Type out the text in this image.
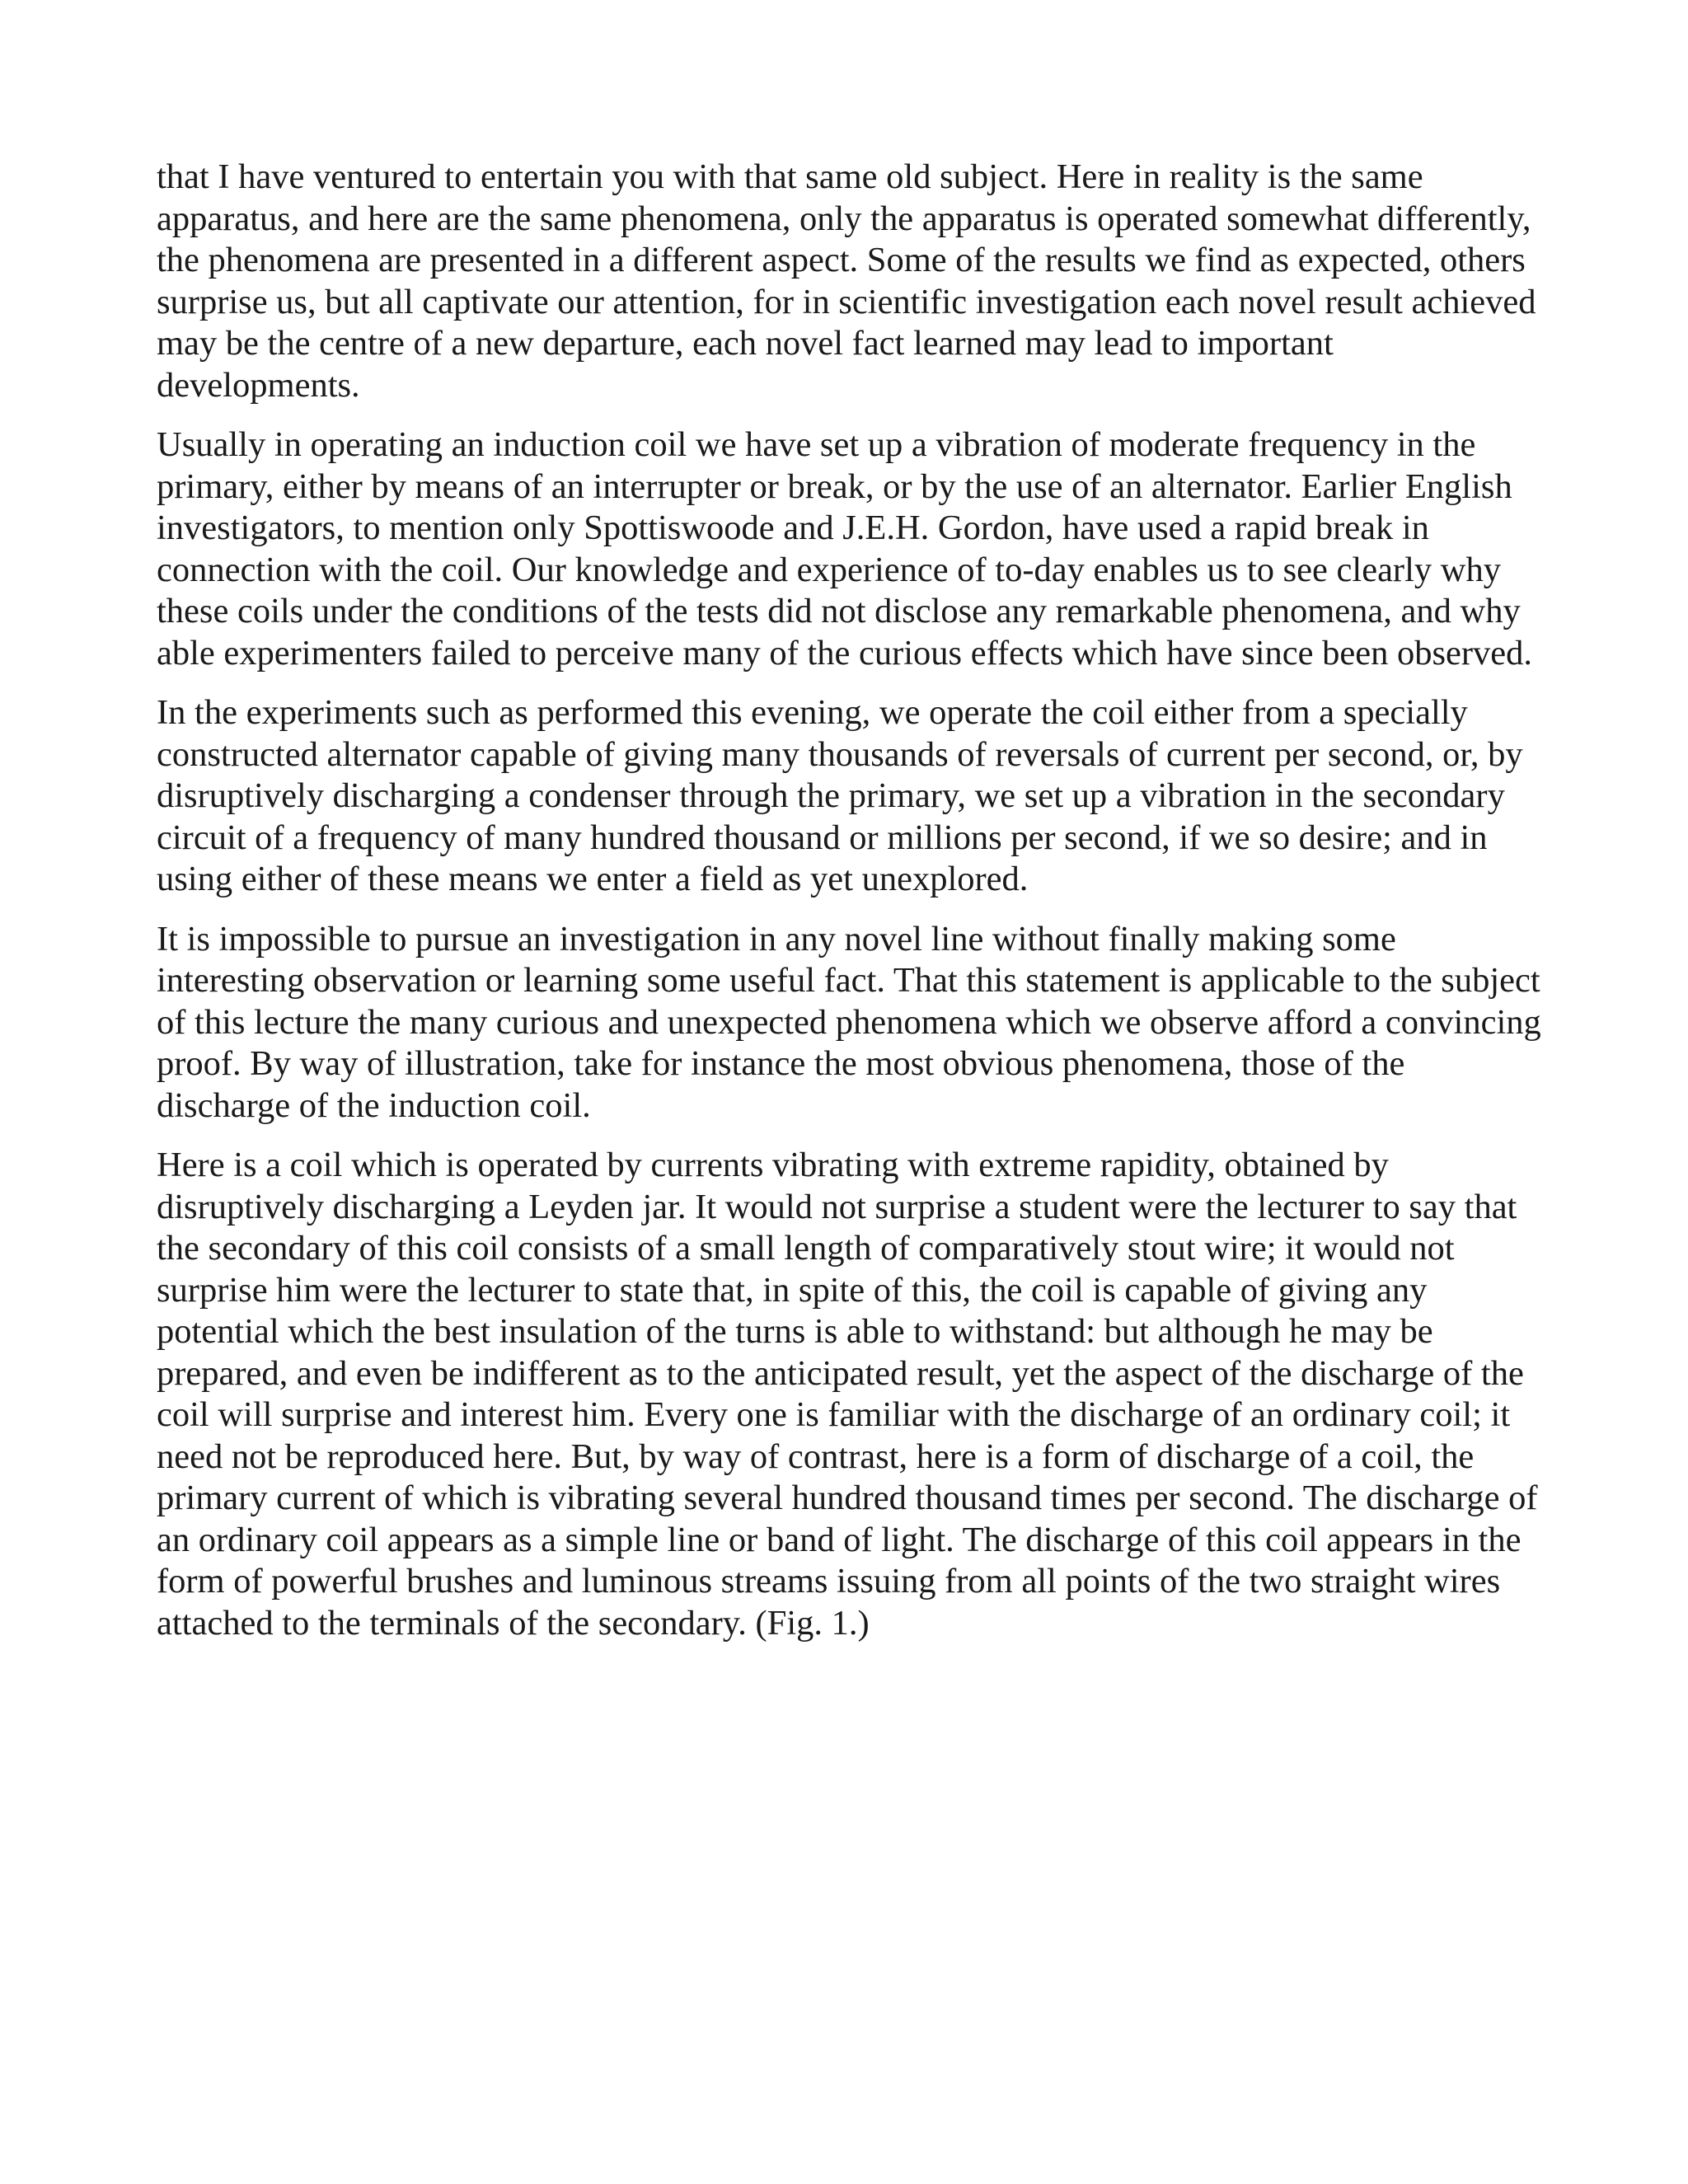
that I have ventured to entertain you with that same old subject. Here in reality is the same apparatus, and here are the same phenomena, only the apparatus is operated somewhat differently, the phenomena are presented in a different aspect. Some of the results we find as expected, others surprise us, but all captivate our attention, for in scientific investigation each novel result achieved may be the centre of a new departure, each novel fact learned may lead to important developments.

Usually in operating an induction coil we have set up a vibration of moderate frequency in the primary, either by means of an interrupter or break, or by the use of an alternator. Earlier English investigators, to mention only Spottiswoode and J.E.H. Gordon, have used a rapid break in connection with the coil. Our knowledge and experience of to-day enables us to see clearly why these coils under the conditions of the tests did not disclose any remarkable phenomena, and why able experimenters failed to perceive many of the curious effects which have since been observed.

In the experiments such as performed this evening, we operate the coil either from a specially constructed alternator capable of giving many thousands of reversals of current per second, or, by disruptively discharging a condenser through the primary, we set up a vibration in the secondary circuit of a frequency of many hundred thousand or millions per second, if we so desire; and in using either of these means we enter a field as yet unexplored.

It is impossible to pursue an investigation in any novel line without finally making some interesting observation or learning some useful fact. That this statement is applicable to the subject of this lecture the many curious and unexpected phenomena which we observe afford a convincing proof. By way of illustration, take for instance the most obvious phenomena, those of the discharge of the induction coil.

Here is a coil which is operated by currents vibrating with extreme rapidity, obtained by disruptively discharging a Leyden jar. It would not surprise a student were the lecturer to say that the secondary of this coil consists of a small length of comparatively stout wire; it would not surprise him were the lecturer to state that, in spite of this, the coil is capable of giving any potential which the best insulation of the turns is able to withstand: but although he may be prepared, and even be indifferent as to the anticipated result, yet the aspect of the discharge of the coil will surprise and interest him. Every one is familiar with the discharge of an ordinary coil; it need not be reproduced here. But, by way of contrast, here is a form of discharge of a coil, the primary current of which is vibrating several hundred thousand times per second. The discharge of an ordinary coil appears as a simple line or band of light. The discharge of this coil appears in the form of powerful brushes and luminous streams issuing from all points of the two straight wires attached to the terminals of the secondary. (Fig. 1.)
